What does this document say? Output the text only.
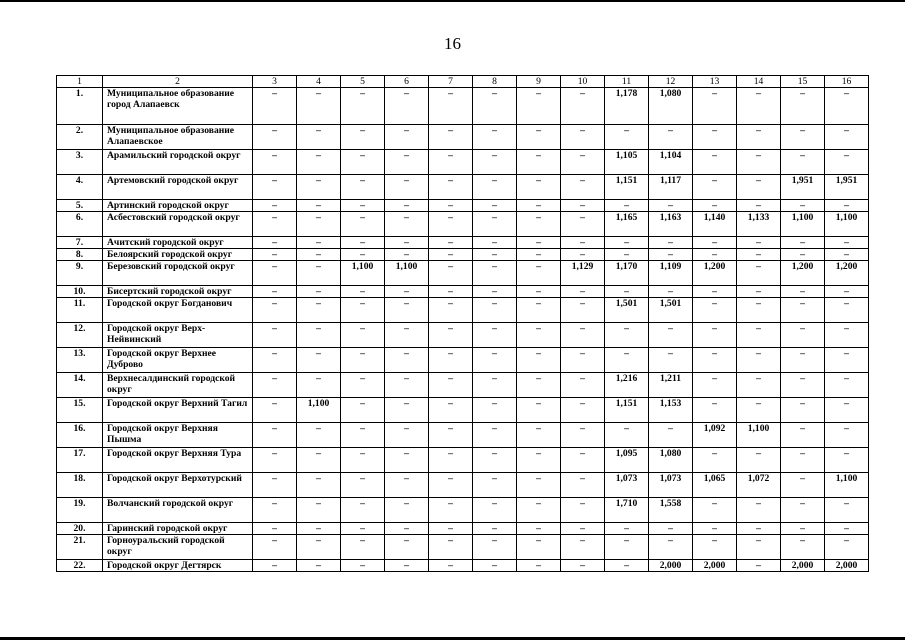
16
1	2	3	4	5	6	7	8	9	10	11	12	13	14	15	16
1.	Муниципальное образование город Алапаевск	–	–	–	–	–	–	–	–	1,178	1,080	–	–	–	–
2.	Муниципальное образование Алапаевское	–	–	–	–	–	–	–	–	–	–	–	–	–	–
3.	Арамильский городской округ	–	–	–	–	–	–	–	–	1,105	1,104	–	–	–	–
4.	Артемовский городской округ	–	–	–	–	–	–	–	–	1,151	1,117	–	–	1,951	1,951
5.	Артинский городской округ	–	–	–	–	–	–	–	–	–	–	–	–	–	–
6.	Асбестовский городской округ	–	–	–	–	–	–	–	–	1,165	1,163	1,140	1,133	1,100	1,100
7.	Ачитский городской округ	–	–	–	–	–	–	–	–	–	–	–	–	–	–
8.	Белоярский городской округ	–	–	–	–	–	–	–	–	–	–	–	–	–	–
9.	Березовский городской округ	–	–	1,100	1,100	–	–	–	1,129	1,170	1,109	1,200	–	1,200	1,200
10.	Бисертский городской округ	–	–	–	–	–	–	–	–	–	–	–	–	–	–
11.	Городской округ Богданович	–	–	–	–	–	–	–	–	1,501	1,501	–	–	–	–
12.	Городской округ Верх-Нейвинский	–	–	–	–	–	–	–	–	–	–	–	–	–	–
13.	Городской округ Верхнее Дуброво	–	–	–	–	–	–	–	–	–	–	–	–	–	–
14.	Верхнесалдинский городской округ	–	–	–	–	–	–	–	–	1,216	1,211	–	–	–	–
15.	Городской округ Верхний Тагил	–	1,100	–	–	–	–	–	–	1,151	1,153	–	–	–	–
16.	Городской округ Верхняя Пышма	–	–	–	–	–	–	–	–	–	–	1,092	1,100	–	–
17.	Городской округ Верхняя Тура	–	–	–	–	–	–	–	–	1,095	1,080	–	–	–	–
18.	Городской округ Верхотурский	–	–	–	–	–	–	–	–	1,073	1,073	1,065	1,072	–	1,100
19.	Волчанский городской округ	–	–	–	–	–	–	–	–	1,710	1,558	–	–	–	–
20.	Гаринский городской округ	–	–	–	–	–	–	–	–	–	–	–	–	–	–
21.	Горноуральский городской округ	–	–	–	–	–	–	–	–	–	–	–	–	–	–
22.	Городской округ Дегтярск	–	–	–	–	–	–	–	–	–	2,000	2,000	–	2,000	2,000
